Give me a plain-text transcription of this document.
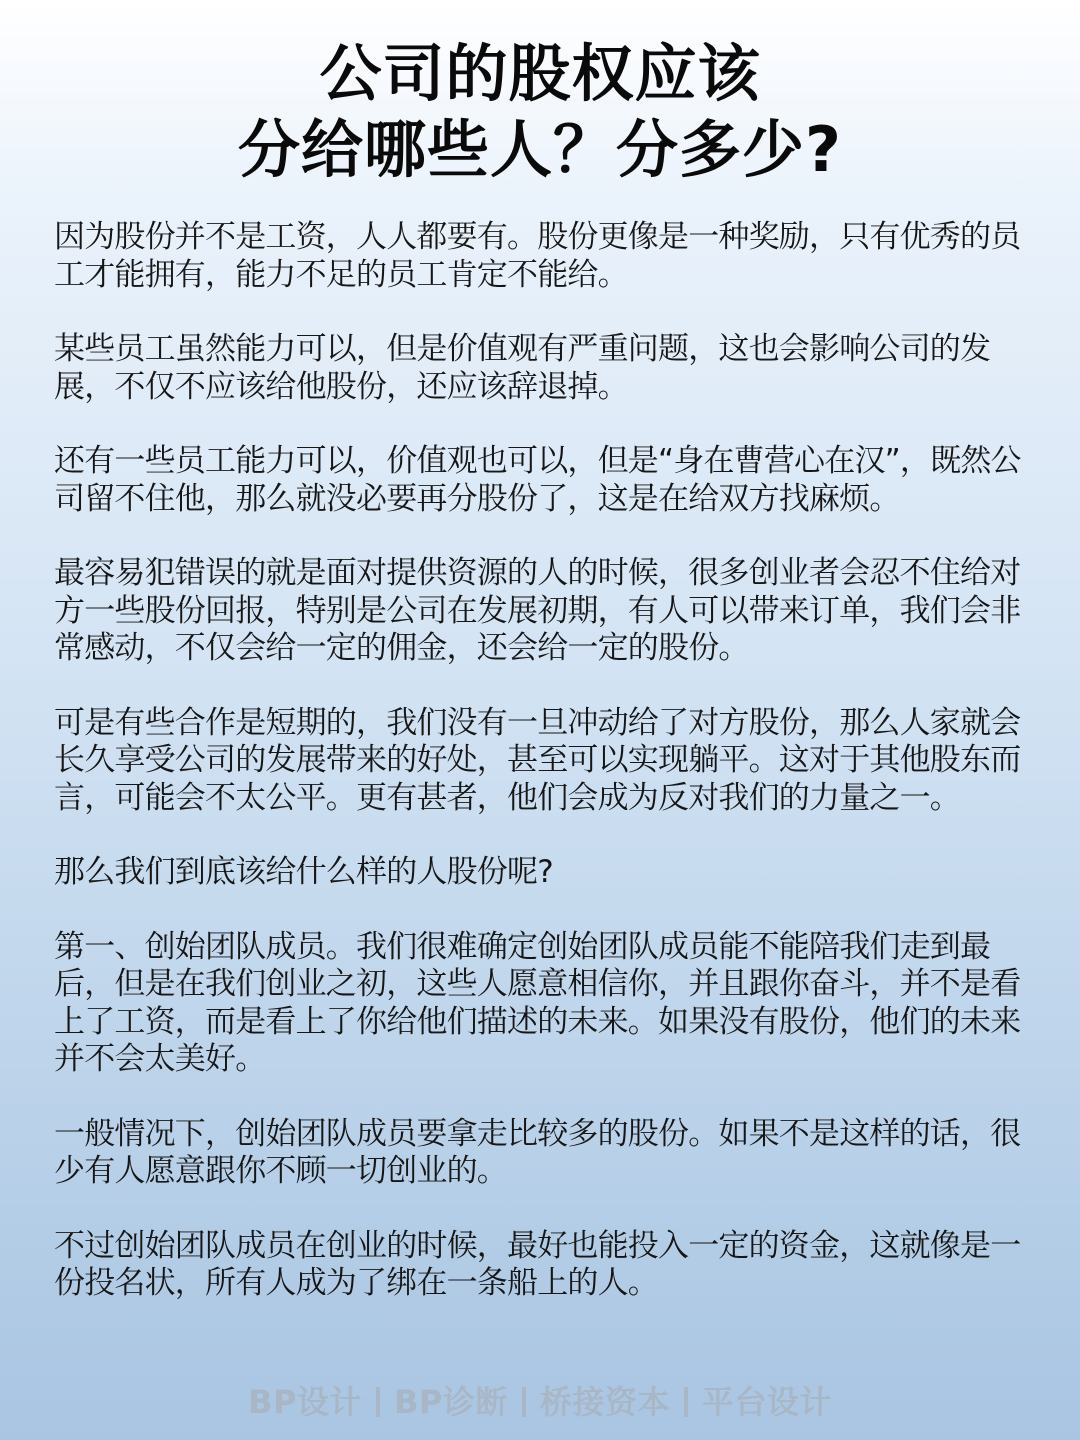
公司的股权应该
分给哪些人？分多少?

因为股份并不是工资，人人都要有。股份更像是一种奖励，只有优秀的员工才能拥有，能力不足的员工肯定不能给。

某些员工虽然能力可以，但是价值观有严重问题，这也会影响公司的发展，不仅不应该给他股份，还应该辞退掉。

还有一些员工能力可以，价值观也可以，但是“身在曹营心在汉”，既然公司留不住他，那么就没必要再分股份了，这是在给双方找麻烦。

最容易犯错误的就是面对提供资源的人的时候，很多创业者会忍不住给对方一些股份回报，特别是公司在发展初期，有人可以带来订单，我们会非常感动，不仅会给一定的佣金，还会给一定的股份。

可是有些合作是短期的，我们没有一旦冲动给了对方股份，那么人家就会长久享受公司的发展带来的好处，甚至可以实现躺平。这对于其他股东而言，可能会不太公平。更有甚者，他们会成为反对我们的力量之一。

那么我们到底该给什么样的人股份呢?

第一、创始团队成员。我们很难确定创始团队成员能不能陪我们走到最后，但是在我们创业之初，这些人愿意相信你，并且跟你奋斗，并不是看上了工资，而是看上了你给他们描述的未来。如果没有股份，他们的未来并不会太美好。

一般情况下，创始团队成员要拿走比较多的股份。如果不是这样的话，很少有人愿意跟你不顾一切创业的。

不过创始团队成员在创业的时候，最好也能投入一定的资金，这就像是一份投名状，所有人成为了绑在一条船上的人。

BP设计 BP诊断 桥接资本 平台设计
